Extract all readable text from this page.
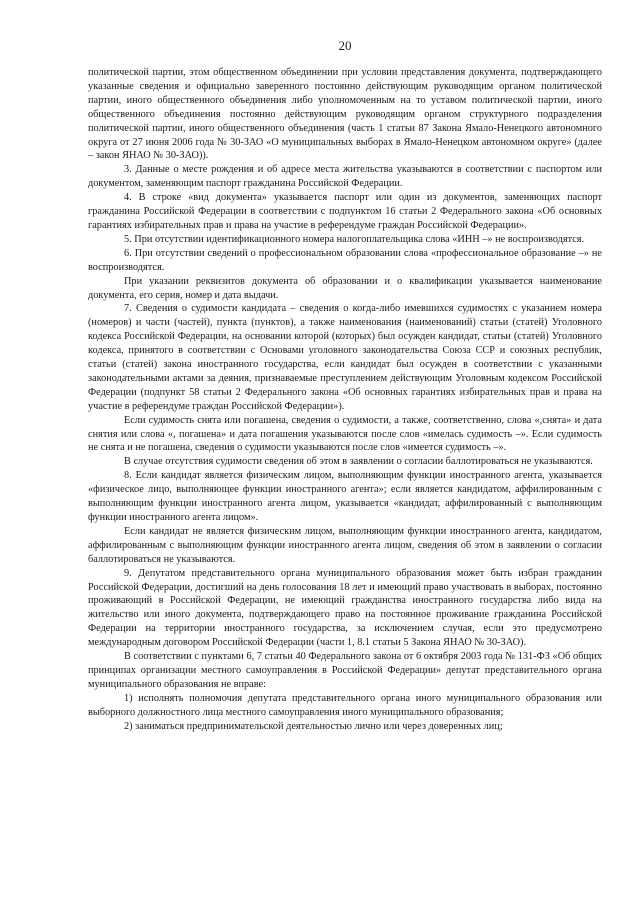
20

политической партии, этом общественном объединении при условии представления документа, подтверждающего указанные сведения и официально заверенного постоянно действующим руководящим органом политической партии, иного общественного объединения либо уполномоченным на то уставом политической партии, иного общественного объединения постоянно действующим руководящим органом структурного подразделения политической партии, иного общественного объединения (часть 1 статьи 87 Закона Ямало-Ненецкого автономного округа от 27 июня 2006 года № 30-ЗАО «О муниципальных выборах в Ямало-Ненецком автономном округе» (далее – закон ЯНАО № 30-ЗАО)).

3. Данные о месте рождения и об адресе места жительства указываются в соответствии с паспортом или документом, заменяющим паспорт гражданина Российской Федерации.

4. В строке «вид документа» указывается паспорт или один из документов, заменяющих паспорт гражданина Российской Федерации в соответствии с подпунктом 16 статьи 2 Федерального закона «Об основных гарантиях избирательных прав и права на участие в референдуме граждан Российской Федерации».

5. При отсутствии идентификационного номера налогоплательщика слова «ИНН –» не воспроизводятся.

6. При отсутствии сведений о профессиональном образовании слова «профессиональное образование –» не воспроизводятся.

При указании реквизитов документа об образовании и о квалификации указывается наименование документа, его серия, номер и дата выдачи.

7. Сведения о судимости кандидата – сведения о когда-либо имевшихся судимостях с указанием номера (номеров) и части (частей), пункта (пунктов), а также наименования (наименований) статьи (статей) Уголовного кодекса Российской Федерации, на основании которой (которых) был осужден кандидат, статьи (статей) Уголовного кодекса, принятого в соответствии с Основами уголовного законодательства Союза ССР и союзных республик, статьи (статей) закона иностранного государства, если кандидат был осужден в соответствии с указанными законодательными актами за деяния, признаваемые преступлением действующим Уголовным кодексом Российской Федерации (подпункт 58 статьи 2 Федерального закона «Об основных гарантиях избирательных прав и права на участие в референдуме граждан Российской Федерации»).

Если судимость снята или погашена, сведения о судимости, а также, соответственно, слова «,снята» и дата снятия или слова «, погашена» и дата погашения указываются после слов «имелась судимость –». Если судимость не снята и не погашена, сведения о судимости указываются после слов «имеется судимость –».

В случае отсутствия судимости сведения об этом в заявлении о согласии баллотироваться не указываются.

8. Если кандидат является физическим лицом, выполняющим функции иностранного агента, указывается «физическое лицо, выполняющее функции иностранного агента»; если является кандидатом, аффилированным с выполняющим функции иностранного агента лицом, указывается «кандидат, аффилированный с выполняющим функции иностранного агента лицом».

Если кандидат не является физическим лицом, выполняющим функции иностранного агента, кандидатом, аффилированным с выполняющим функции иностранного агента лицом, сведения об этом в заявлении о согласии баллотироваться не указываются.

9. Депутатом представительного органа муниципального образования может быть избран гражданин Российской Федерации, достигший на день голосования 18 лет и имеющий право участвовать в выборах, постоянно проживающий в Российской Федерации, не имеющий гражданства иностранного государства либо вида на жительство или иного документа, подтверждающего право на постоянное проживание гражданина Российской Федерации на территории иностранного государства, за исключением случая, если это предусмотрено международным договором Российской Федерации (части 1, 8.1 статьи 5 Закона ЯНАО № 30-ЗАО).

В соответствии с пунктами 6, 7 статьи 40 Федерального закона от 6 октября 2003 года № 131-ФЗ «Об общих принципах организации местного самоуправления в Российской Федерации» депутат представительного органа муниципального образования не вправе:

1) исполнять полномочия депутата представительного органа иного муниципального образования или выборного должностного лица местного самоуправления иного муниципального образования;

2) заниматься предпринимательской деятельностью лично или через доверенных лиц;
